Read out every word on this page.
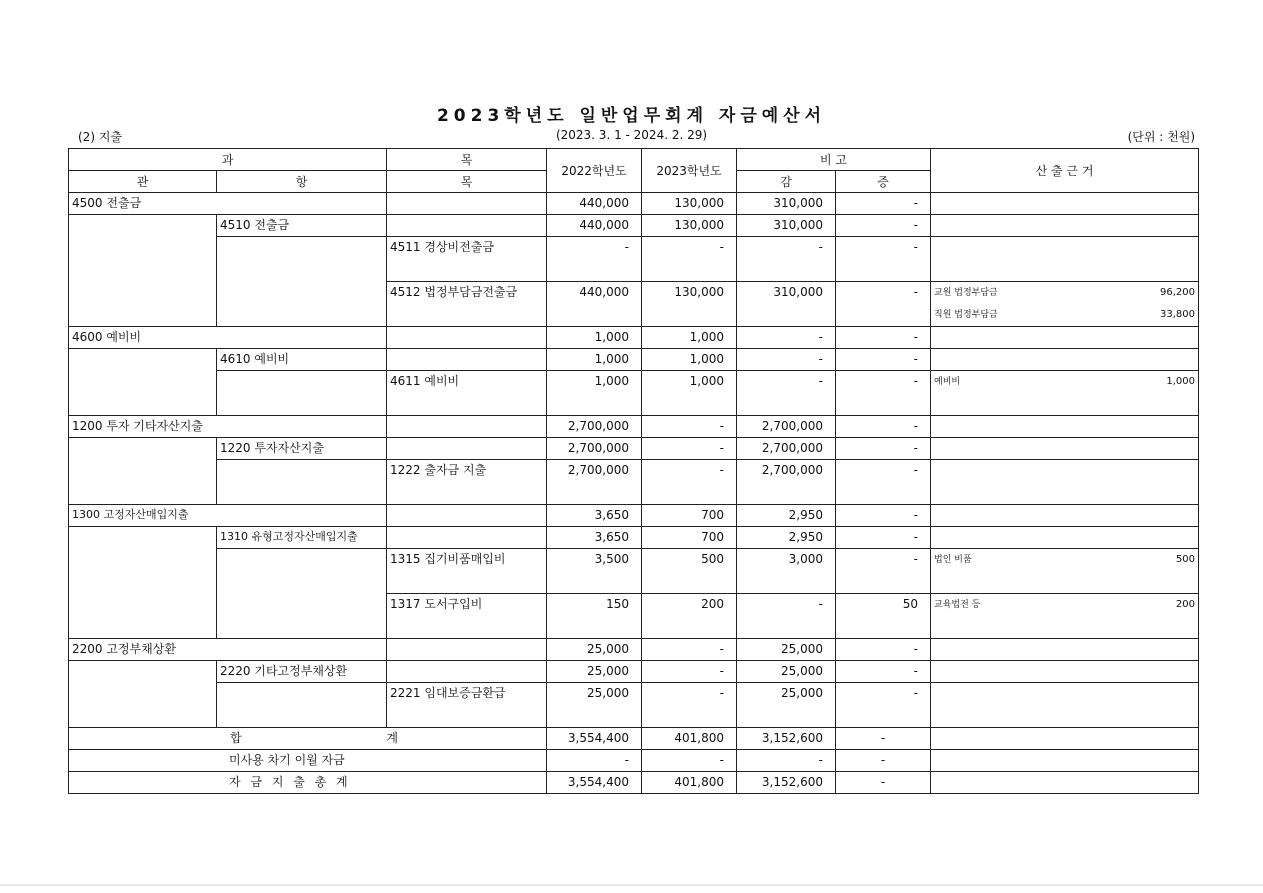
2023학년도 일반업무회계 자금예산서
(2) 지출	(2023. 3. 1 - 2024. 2. 29)	(단위 : 천원)
과		목	2022학년도	2023학년도	비 고		산 출 근 거
관	항	목			감	증	
4500 전출금			440,000	130,000	310,000	-	
	4510 전출금		440,000	130,000	310,000	-	
		4511 경상비전출금	-	-	-	-	
		4512 법정부담금전출금	440,000	130,000	310,000	-	교원 법정부담금 96,200
직원 법정부담금 33,800

4600 예비비			1,000	1,000	-	-	
	4610 예비비		1,000	1,000	-	-	
		4611 예비비	1,000	1,000	-	-	예비비 1,000

1200 투자 기타자산지출			2,700,000	-	2,700,000	-	
	1220 투자자산지출		2,700,000	-	2,700,000	-	
		1222 출자금 지출	2,700,000	-	2,700,000	-	
1300 고정자산매입지출			3,650	700	2,950	-	
	1310 유형고정자산매입지출		3,650	700	2,950	-	
		1315 집기비품매입비	3,500	500	3,000	-	법인 비품 500

		1317 도서구입비	150	200	-	50	교육법전 등 200

2200 고정부채상환			25,000	-	25,000	-	
	2220 기타고정부채상환		25,000	-	25,000	-	
		2221 임대보증금환급	25,000	-	25,000	-	

합 계			3,554,400	401,800	3,152,600	-	
미사용 차기 이월 자금			-	-	-	-	
자 금 지 출 총 계			3,554,400	401,800	3,152,600	-	
